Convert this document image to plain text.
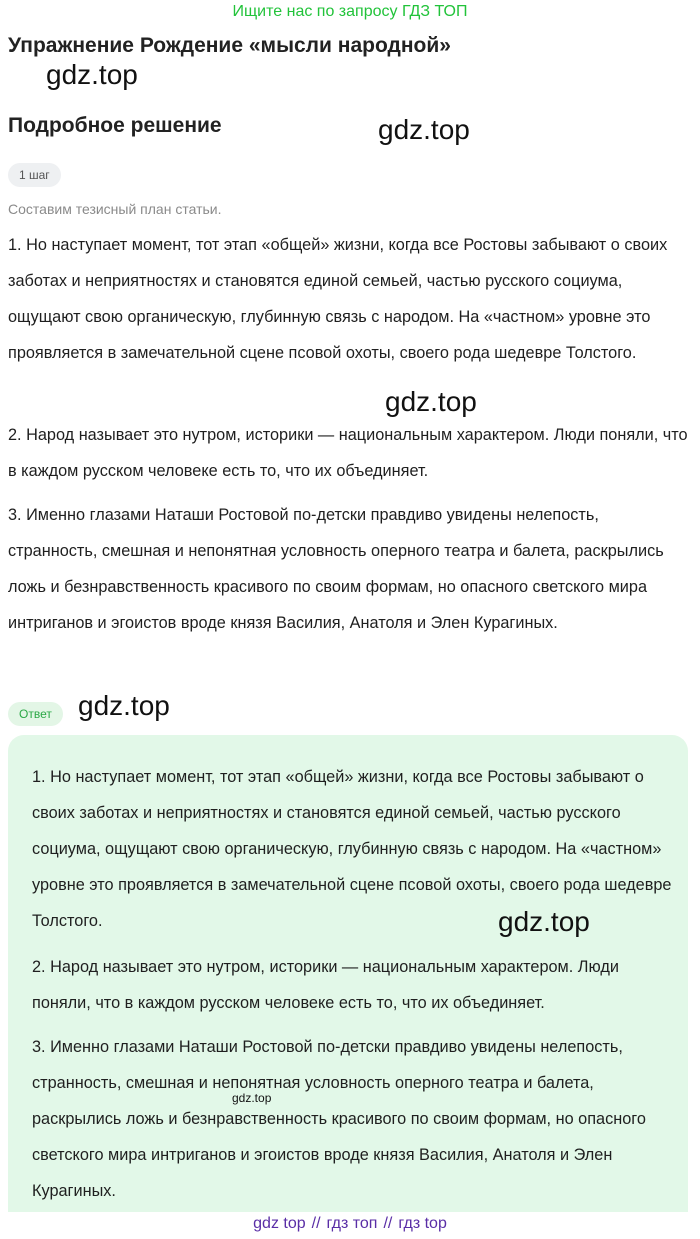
Ищите нас по запросу ГДЗ ТОП
Упражнение Рождение «мысли народной»
gdz.top
Подробное решение	gdz.top
1 шаг
Составим тезисный план статьи.

1. Но наступает момент, тот этап «общей» жизни, когда все Ростовы забывают о своих заботах и неприятностях и становятся единой семьей, частью русского социума, ощущают свою органическую, глубинную связь с народом. На «частном» уровне это проявляется в замечательной сцене псовой охоты, своего рода шедевре Толстого.

gdz.top

2. Народ называет это нутром, историки — национальным характером. Люди поняли, что в каждом русском человеке есть то, что их объединяет.

3. Именно глазами Наташи Ростовой по-детски правдиво увидены нелепость, странность, смешная и непонятная условность оперного театра и балета, раскрылись ложь и безнравственность красивого по своим формам, но опасного светского мира интриганов и эгоистов вроде князя Василия, Анатоля и Элен Курагиных.

Ответ gdz.top

1. Но наступает момент, тот этап «общей» жизни, когда все Ростовы забывают о своих заботах и неприятностях и становятся единой семьей, частью русского социума, ощущают свою органическую, глубинную связь с народом. На «частном» уровне это проявляется в замечательной сцене псовой охоты, своего рода шедевре Толстого.	gdz.top

2. Народ называет это нутром, историки — национальным характером. Люди поняли, что в каждом русском человеке есть то, что их объединяет.

3. Именно глазами Наташи Ростовой по-детски правдиво увидены нелепость, странность, смешная и непонятная условность оперного театра и балета, раскрылись ложь и безнравственность красивого по своим формам, но опасного светского мира интриганов и эгоистов вроде князя Василия, Анатоля и Элен Курагиных.

gdz.top
gdz top // гдз топ // гдз top
